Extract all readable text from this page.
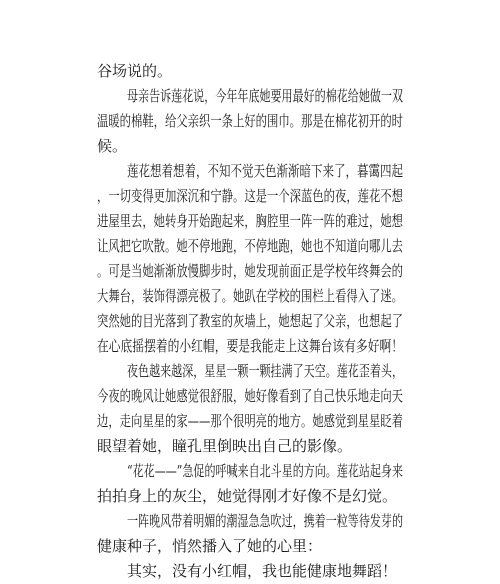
谷场说的。
母亲告诉莲花说，今年年底她要用最好的棉花给她做一双
温暖的棉鞋，给父亲织一条上好的围巾。那是在棉花初开的时
候。
莲花想着想着，不知不觉天色渐渐暗下来了，暮霭四起
，一切变得更加深沉和宁静。这是一个深蓝色的夜，莲花不想
进屋里去，她转身开始跑起来，胸腔里一阵一阵的难过，她想
让风把它吹散。她不停地跑，不停地跑，她也不知道向哪儿去
。可是当她渐渐放慢脚步时，她发现前面正是学校年终舞会的
大舞台，装饰得漂亮极了。她趴在学校的围栏上看得入了迷。
突然她的目光落到了教室的灰墙上，她想起了父亲，也想起了
在心底摇摆着的小红帽，要是我能走上这舞台该有多好啊！
夜色越来越深，星星一颗一颗挂满了天空。莲花歪着头，
今夜的晚风让她感觉很舒服，她好像看到了自己快乐地走向天
边，走向星星的家——那个很明亮的地方。她感觉到星星眨着
眼望着她，瞳孔里倒映出自己的影像。
“花花——”急促的呼喊来自北斗星的方向。莲花站起身来
拍拍身上的灰尘，她觉得刚才好像不是幻觉。
一阵晚风带着明媚的潮湿急急吹过，携着一粒等待发芽的
健康种子，悄然播入了她的心里：
其实，没有小红帽，我也能健康地舞蹈！
